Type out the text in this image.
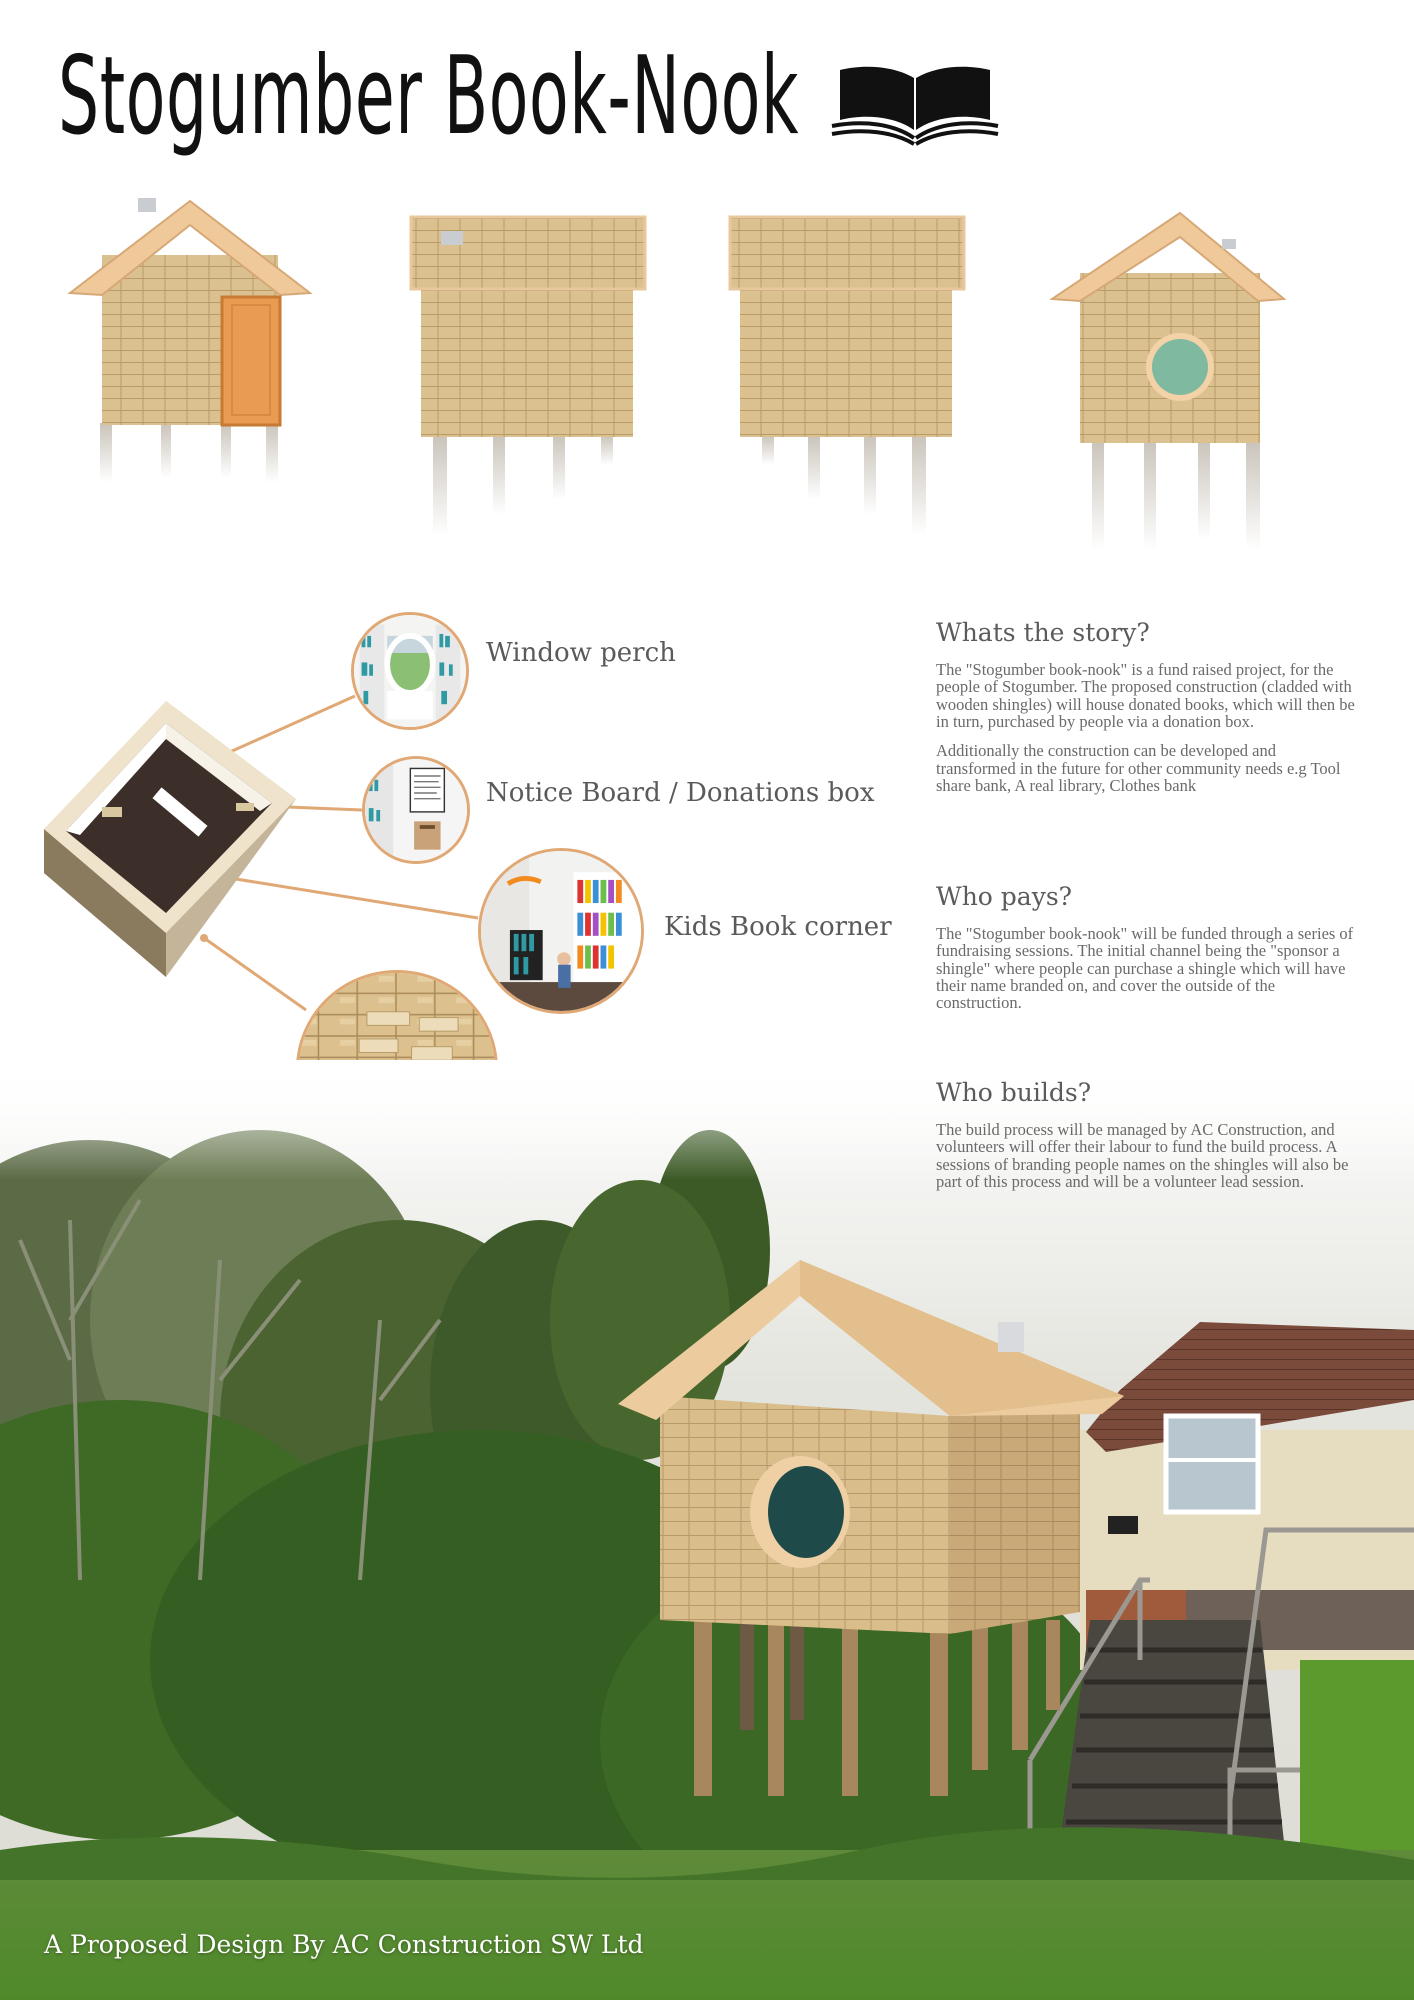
Stogumber Book-Nook

Window perch

Notice Board / Donations box

Kids Book corner

Whats the story?

The "Stogumber book-nook" is a fund raised project, for the people of Stogumber. The proposed construction (cladded with wooden shingles) will house donated books, which will then be in turn, purchased by people via a donation box.

Additionally the construction can be developed and transformed in the future for other community needs e.g Tool share bank, A real library, Clothes bank

Who pays?

The "Stogumber book-nook" will be funded through a series of fundraising sessions. The initial channel being the "sponsor a shingle" where people can purchase a shingle which will have their name branded on, and cover the outside of the construction.

Who builds?

The build process will be managed by AC Construction, and volunteers will offer their labour to fund the build process. A sessions of branding people names on the shingles will also be part of this process and will be a volunteer lead session.

A Proposed Design By AC Construction SW Ltd
